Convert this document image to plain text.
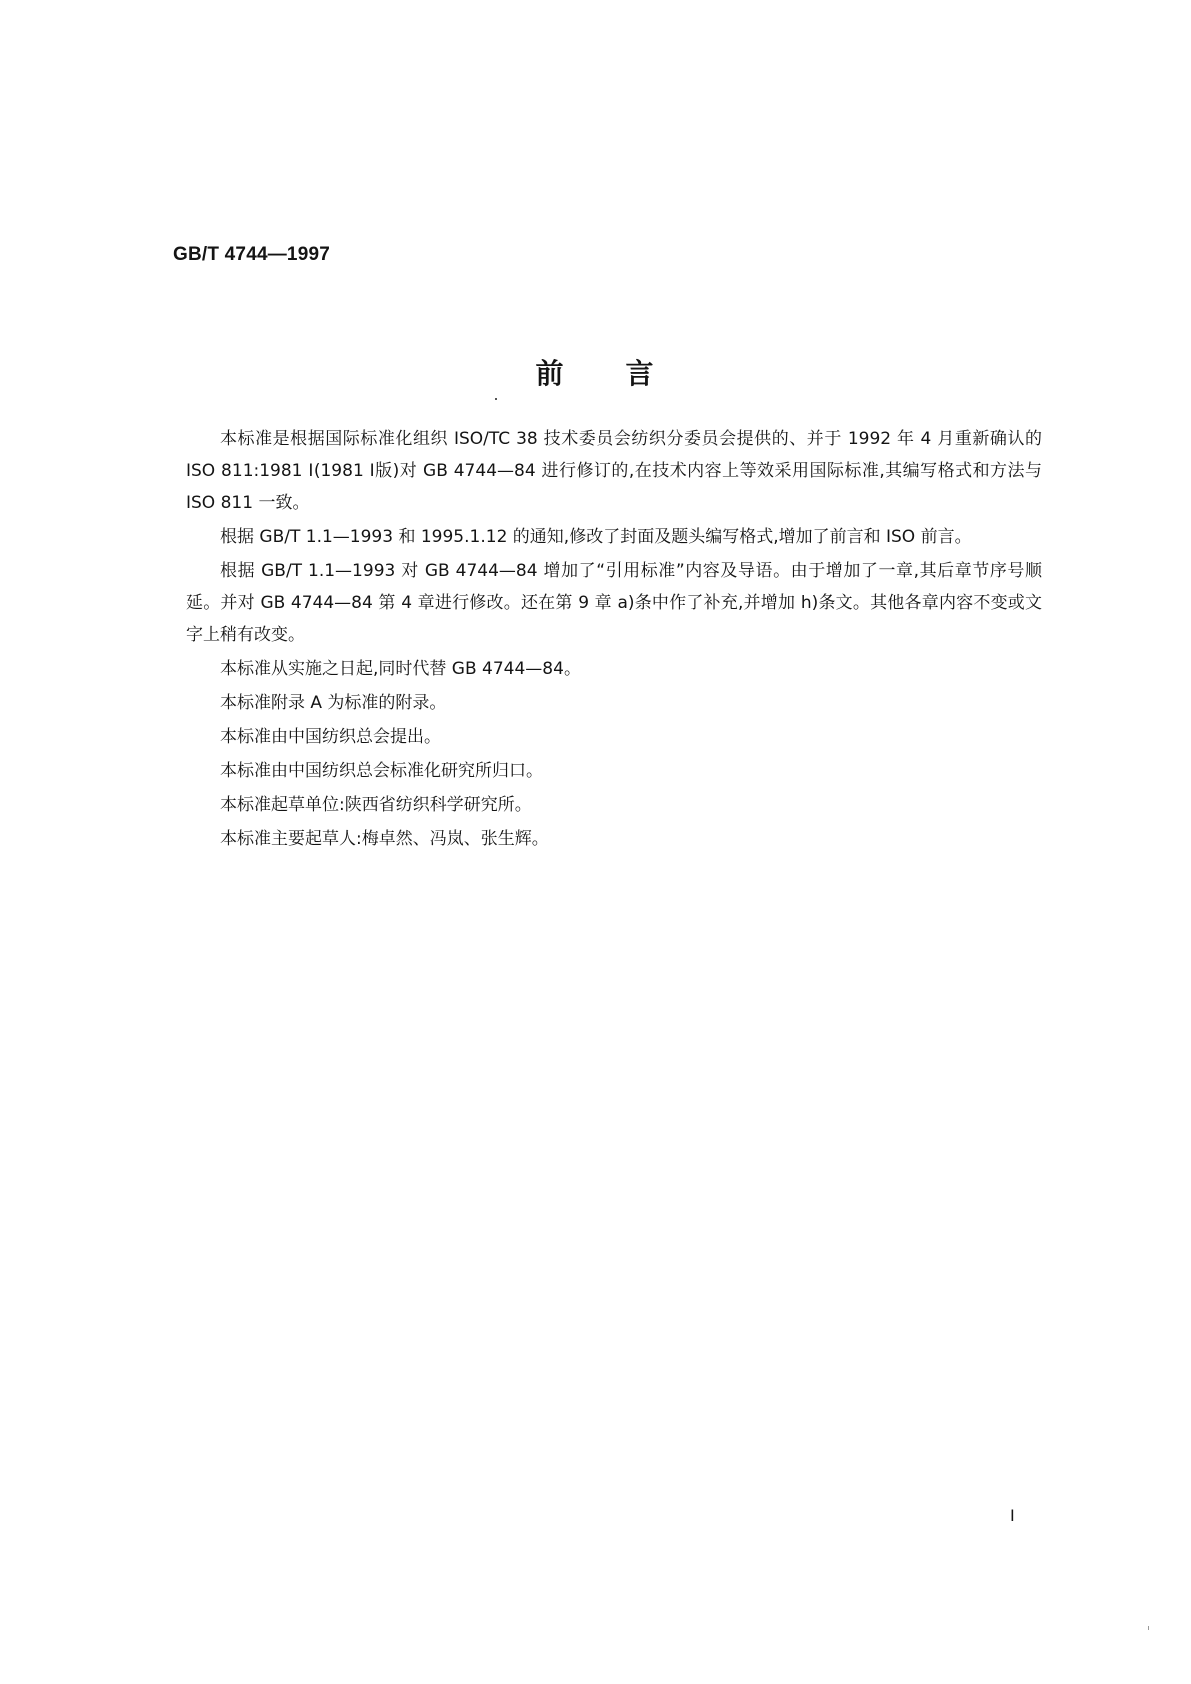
GB/T 4744—1997
前 言

本标准是根据国际标准化组织 ISO/TC 38 技术委员会纺织分委员会提供的、并于 1992 年 4 月重新确认的 ISO 811:1981 Ⅰ(1981 Ⅰ版)对 GB 4744—84 进行修订的,在技术内容上等效采用国际标准,其编写格式和方法与 ISO 811 一致。

根据 GB/T 1.1—1993 和 1995.1.12 的通知,修改了封面及题头编写格式,增加了前言和 ISO 前言。

根据 GB/T 1.1—1993 对 GB 4744—84 增加了“引用标准”内容及导语。由于增加了一章,其后章节序号顺延。并对 GB 4744—84 第 4 章进行修改。还在第 9 章 a)条中作了补充,并增加 h)条文。其他各章内容不变或文字上稍有改变。

本标准从实施之日起,同时代替 GB 4744—84。

本标准附录 A 为标准的附录。

本标准由中国纺织总会提出。

本标准由中国纺织总会标准化研究所归口。

本标准起草单位:陕西省纺织科学研究所。

本标准主要起草人:梅卓然、冯岚、张生辉。

Ⅰ
